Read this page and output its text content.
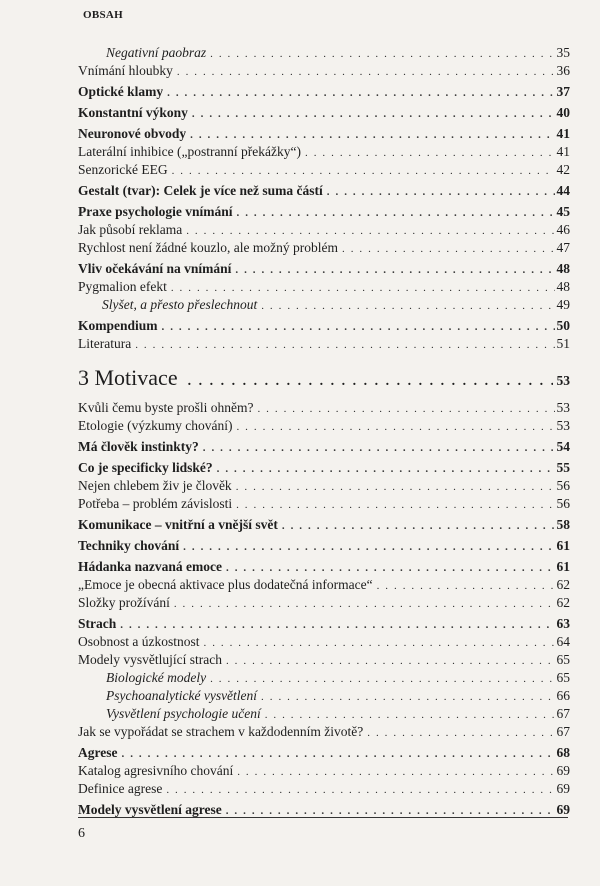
OBSAH
Negativní paobraz . . .	35
Vnímání hloubky . . .	36
Optické klamy . . .	37
Konstantní výkony . . .	40
Neuronové obvody . . .	41
Laterální inhibice („postranní překážky“) . . .	41
Senzorické EEG . . .	42
Gestalt (tvar): Celek je více než suma částí . . .	44
Praxe psychologie vnímání . . .	45
Jak působí reklama . . .	46
Rychlost není žádné kouzlo, ale možný problém . . .	47
Vliv očekávání na vnímání . . .	48
Pygmalion efekt . . .	48
Slyšet, a přesto přeslechnout . . .	49
Kompendium . . .	50
Literatura . . .	51
3 Motivace . . .	53
Kvůli čemu byste prošli ohněm? . . .	53
Etologie (výzkumy chování) . . .	53
Má člověk instinkty? . . .	54
Co je specificky lidské? . . .	55
Nejen chlebem živ je člověk . . .	56
Potřeba – problém závislosti . . .	56
Komunikace – vnitřní a vnější svět . . .	58
Techniky chování . . .	61
Hádanka nazvaná emoce . . .	61
„Emoce je obecná aktivace plus dodatečná informace“ . . .	62
Složky prožívání . . .	62
Strach . . .	63
Osobnost a úzkostnost . . .	64
Modely vysvětlující strach . . .	65
Biologické modely . . .	65
Psychoanalytické vysvětlení . . .	66
Vysvětlení psychologie učení . . .	67
Jak se vypořádat se strachem v každodenním životě? . . .	67
Agrese . . .	68
Katalog agresivního chování . . .	69
Definice agrese . . .	69
Modely vysvětlení agrese . . .	69
6
